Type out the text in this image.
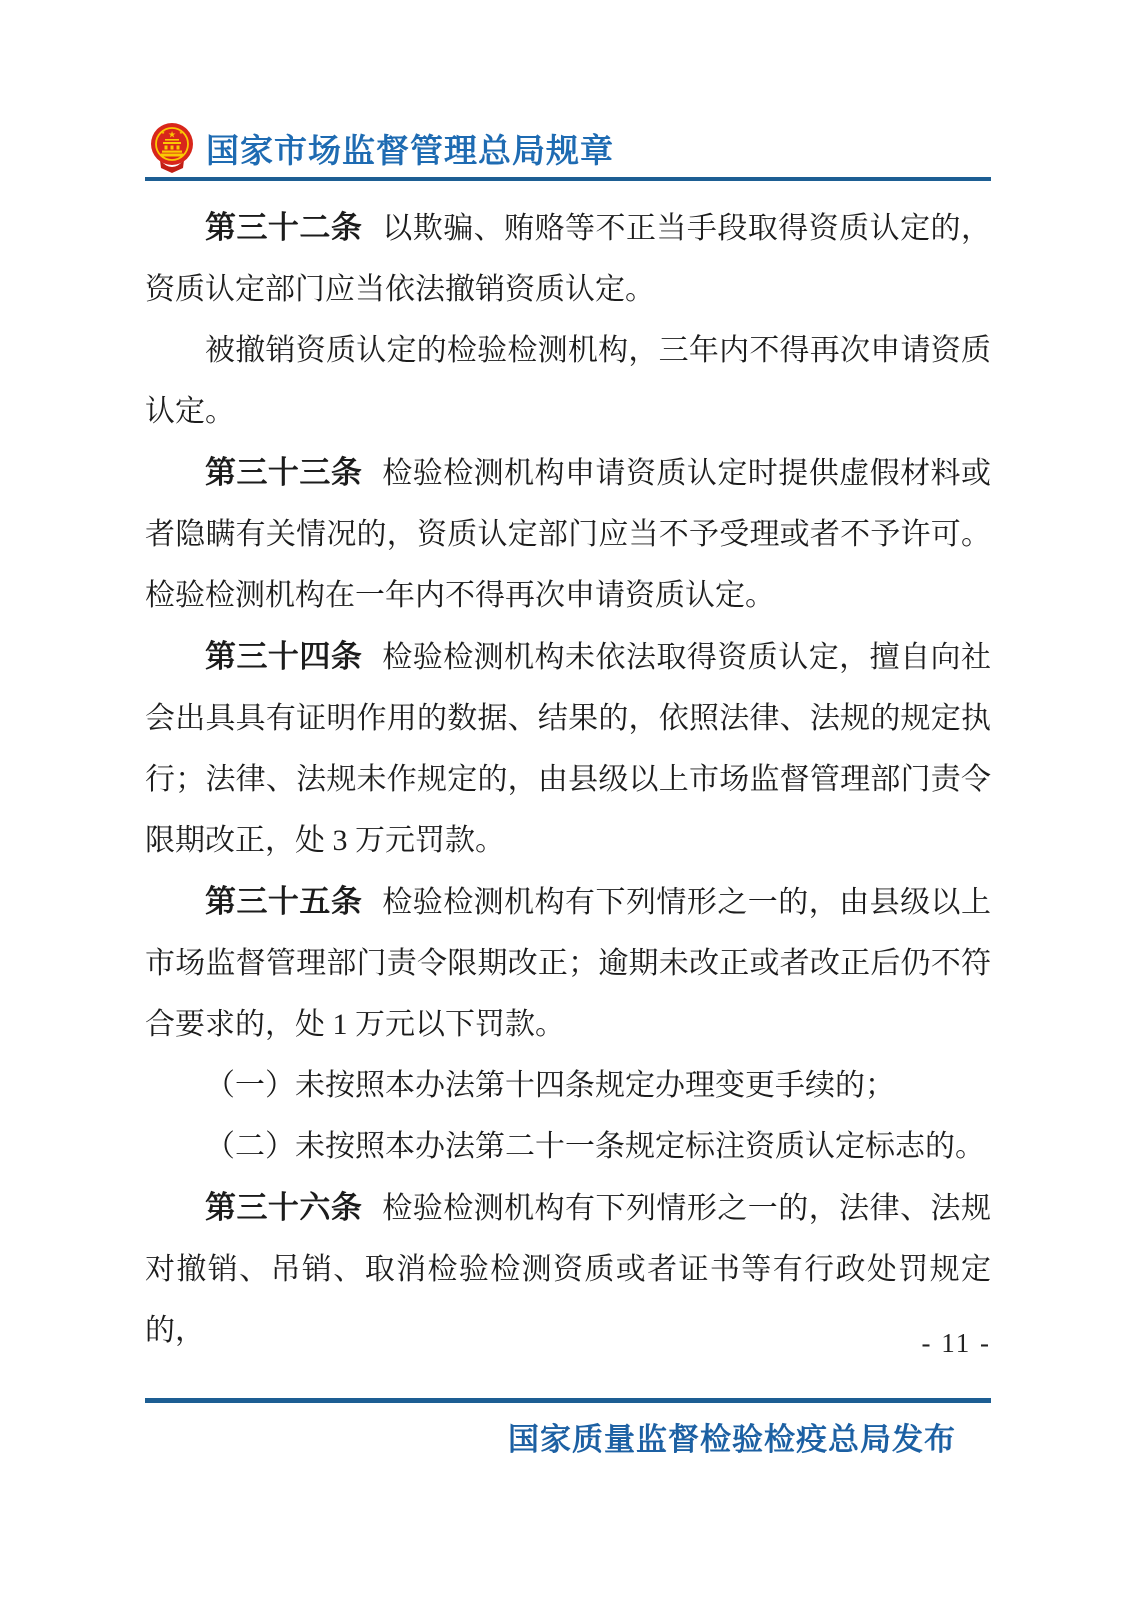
★
★	★ 国家市场监督管理总局规章
第三十二条 以欺骗、贿赂等不正当手段取得资质认定的，资质认定部门应当依法撤销资质认定。
被撤销资质认定的检验检测机构，三年内不得再次申请资质认定。
第三十三条 检验检测机构申请资质认定时提供虚假材料或者隐瞒有关情况的，资质认定部门应当不予受理或者不予许可。检验检测机构在一年内不得再次申请资质认定。
第三十四条 检验检测机构未依法取得资质认定，擅自向社会出具具有证明作用的数据、结果的，依照法律、法规的规定执行；法律、法规未作规定的，由县级以上市场监督管理部门责令限期改正，处 3 万元罚款。
第三十五条 检验检测机构有下列情形之一的，由县级以上市场监督管理部门责令限期改正；逾期未改正或者改正后仍不符合要求的，处 1 万元以下罚款。
（一）未按照本办法第十四条规定办理变更手续的；
（二）未按照本办法第二十一条规定标注资质认定标志的。
第三十六条 检验检测机构有下列情形之一的，法律、法规对撤销、吊销、取消检验检测资质或者证书等有行政处罚规定的，	- 11 -
国家质量监督检验检疫总局发布
